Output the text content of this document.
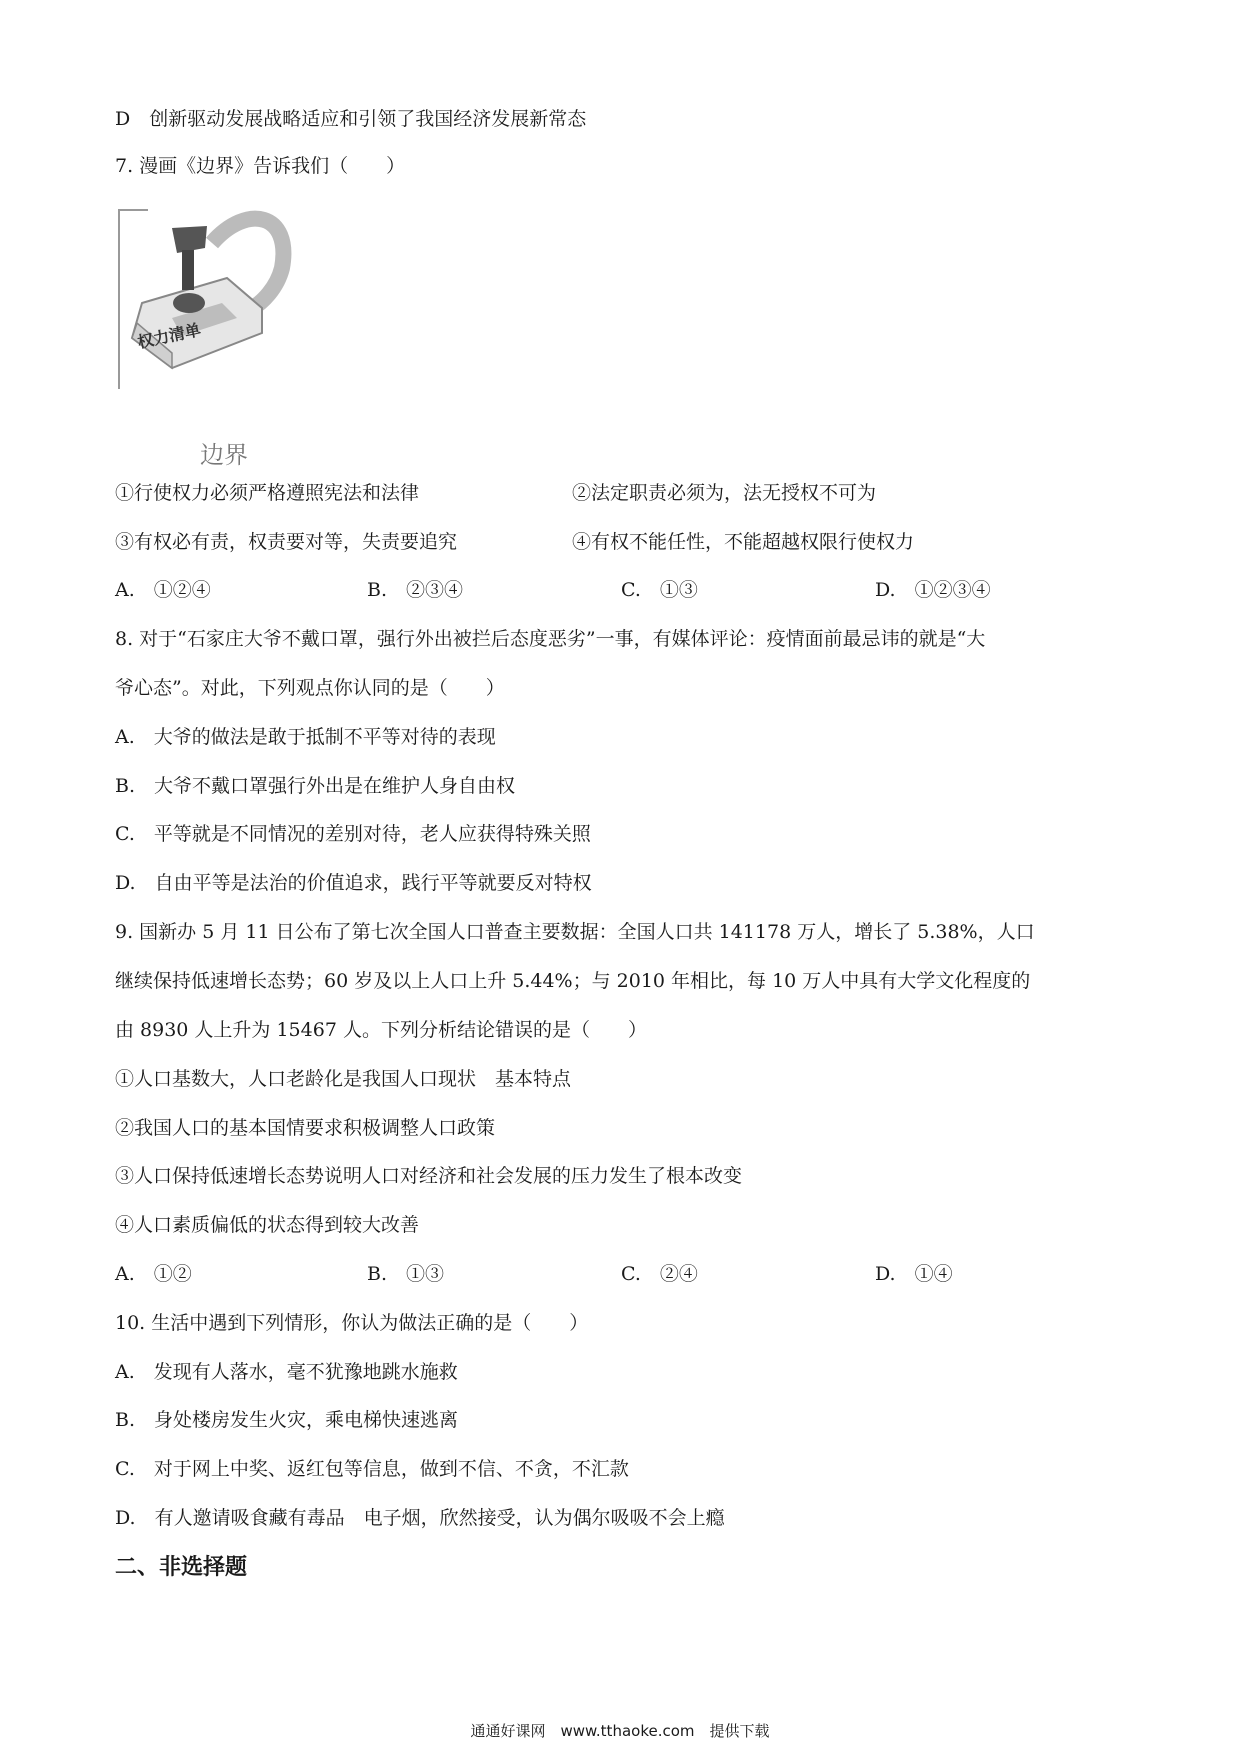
D　创新驱动发展战略适应和引领了我国经济发展新常态
7. 漫画《边界》告诉我们（　　）
权力清单
边界
①行使权力必须严格遵照宪法和法律	②法定职责必须为，法无授权不可为
③有权必有责，权责要对等，失责要追究	④有权不能任性，不能超越权限行使权力
A.　①②④	B.　②③④	C.　①③	D.　①②③④
8. 对于“石家庄大爷不戴口罩，强行外出被拦后态度恶劣”一事，有媒体评论：疫情面前最忌讳的就是“大
爷心态”。对此，下列观点你认同的是（　　）
A.　大爷的做法是敢于抵制不平等对待的表现
B.　大爷不戴口罩强行外出是在维护人身自由权
C.　平等就是不同情况的差别对待，老人应获得特殊关照
D.　自由平等是法治的价值追求，践行平等就要反对特权
9. 国新办 5 月 11 日公布了第七次全国人口普查主要数据：全国人口共 141178 万人，增长了 5.38%，人口
继续保持低速增长态势；60 岁及以上人口上升 5.44%；与 2010 年相比，每 10 万人中具有大学文化程度的
由 8930 人上升为 15467 人。下列分析结论错误的是（　　）
①人口基数大，人口老龄化是我国人口现状　基本特点
②我国人口的基本国情要求积极调整人口政策
③人口保持低速增长态势说明人口对经济和社会发展的压力发生了根本改变
④人口素质偏低的状态得到较大改善
A.　①②	B.　①③	C.　②④	D.　①④
10. 生活中遇到下列情形，你认为做法正确的是（　　）
A.　发现有人落水，毫不犹豫地跳水施救
B.　身处楼房发生火灾，乘电梯快速逃离
C.　对于网上中奖、返红包等信息，做到不信、不贪，不汇款
D.　有人邀请吸食藏有毒品　电子烟，欣然接受，认为偶尔吸吸不会上瘾
二、非选择题
通通好课网　www.tthaoke.com　提供下载
